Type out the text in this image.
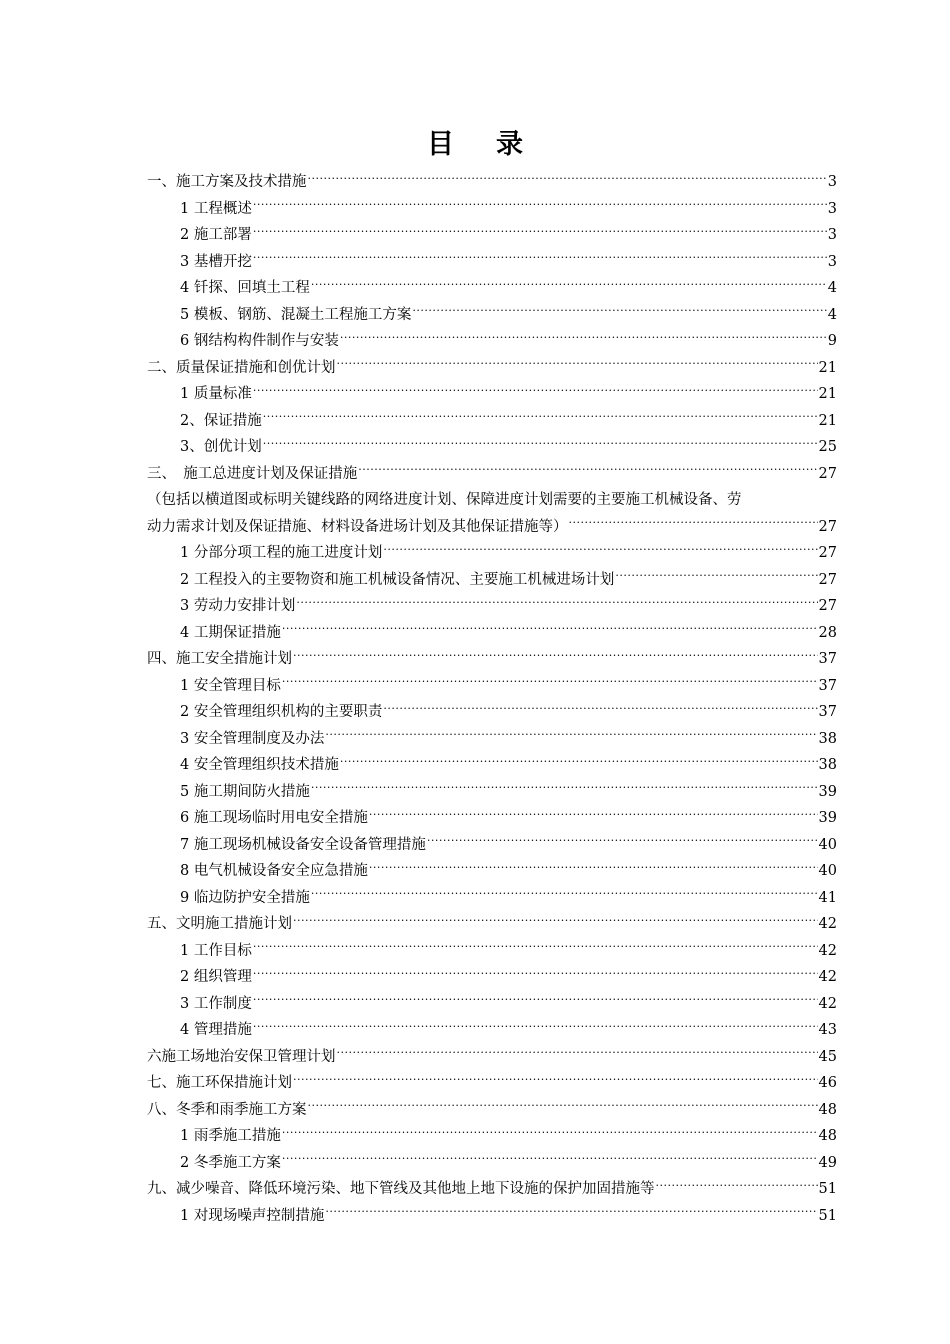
目 录
一、施工方案及技术措施 .....	3
1 工程概述 .....	3
2 施工部署 .....	3
3 基槽开挖 .....	3
4 钎探、回填土工程 .....	4
5 模板、钢筋、混凝土工程施工方案 .....	4
6 钢结构构件制作与安装 .....	9
二、质量保证措施和创优计划 .....	21
1 质量标准 .....	21
2、保证措施 .....	21
3、创优计划 .....	25
三、　施工总进度计划及保证措施 .....	27
（包括以横道图或标明关键线路的网络进度计划、保障进度计划需要的主要施工机械设备、劳
动力需求计划及保证措施、材料设备进场计划及其他保证措施等） .....	27
1 分部分项工程的施工进度计划 .....	27
2 工程投入的主要物资和施工机械设备情况、主要施工机械进场计划 .....	27
3 劳动力安排计划 .....	27
4 工期保证措施 .....	28
四、施工安全措施计划 .....	37
1 安全管理目标 .....	37
2 安全管理组织机构的主要职责 .....	37
3 安全管理制度及办法 .....	38
4 安全管理组织技术措施 .....	38
5 施工期间防火措施 .....	39
6 施工现场临时用电安全措施 .....	39
7 施工现场机械设备安全设备管理措施 .....	40
8 电气机械设备安全应急措施 .....	40
9 临边防护安全措施 .....	41
五、文明施工措施计划 .....	42
1 工作目标 .....	42
2 组织管理 .....	42
3 工作制度 .....	42
4 管理措施 .....	43
六施工场地治安保卫管理计划 .....	45
七、施工环保措施计划 .....	46
八、冬季和雨季施工方案 .....	48
1 雨季施工措施 .....	48
2 冬季施工方案 .....	49
九、减少噪音、降低环境污染、地下管线及其他地上地下设施的保护加固措施等 .....	51
1 对现场噪声控制措施 .....	51
